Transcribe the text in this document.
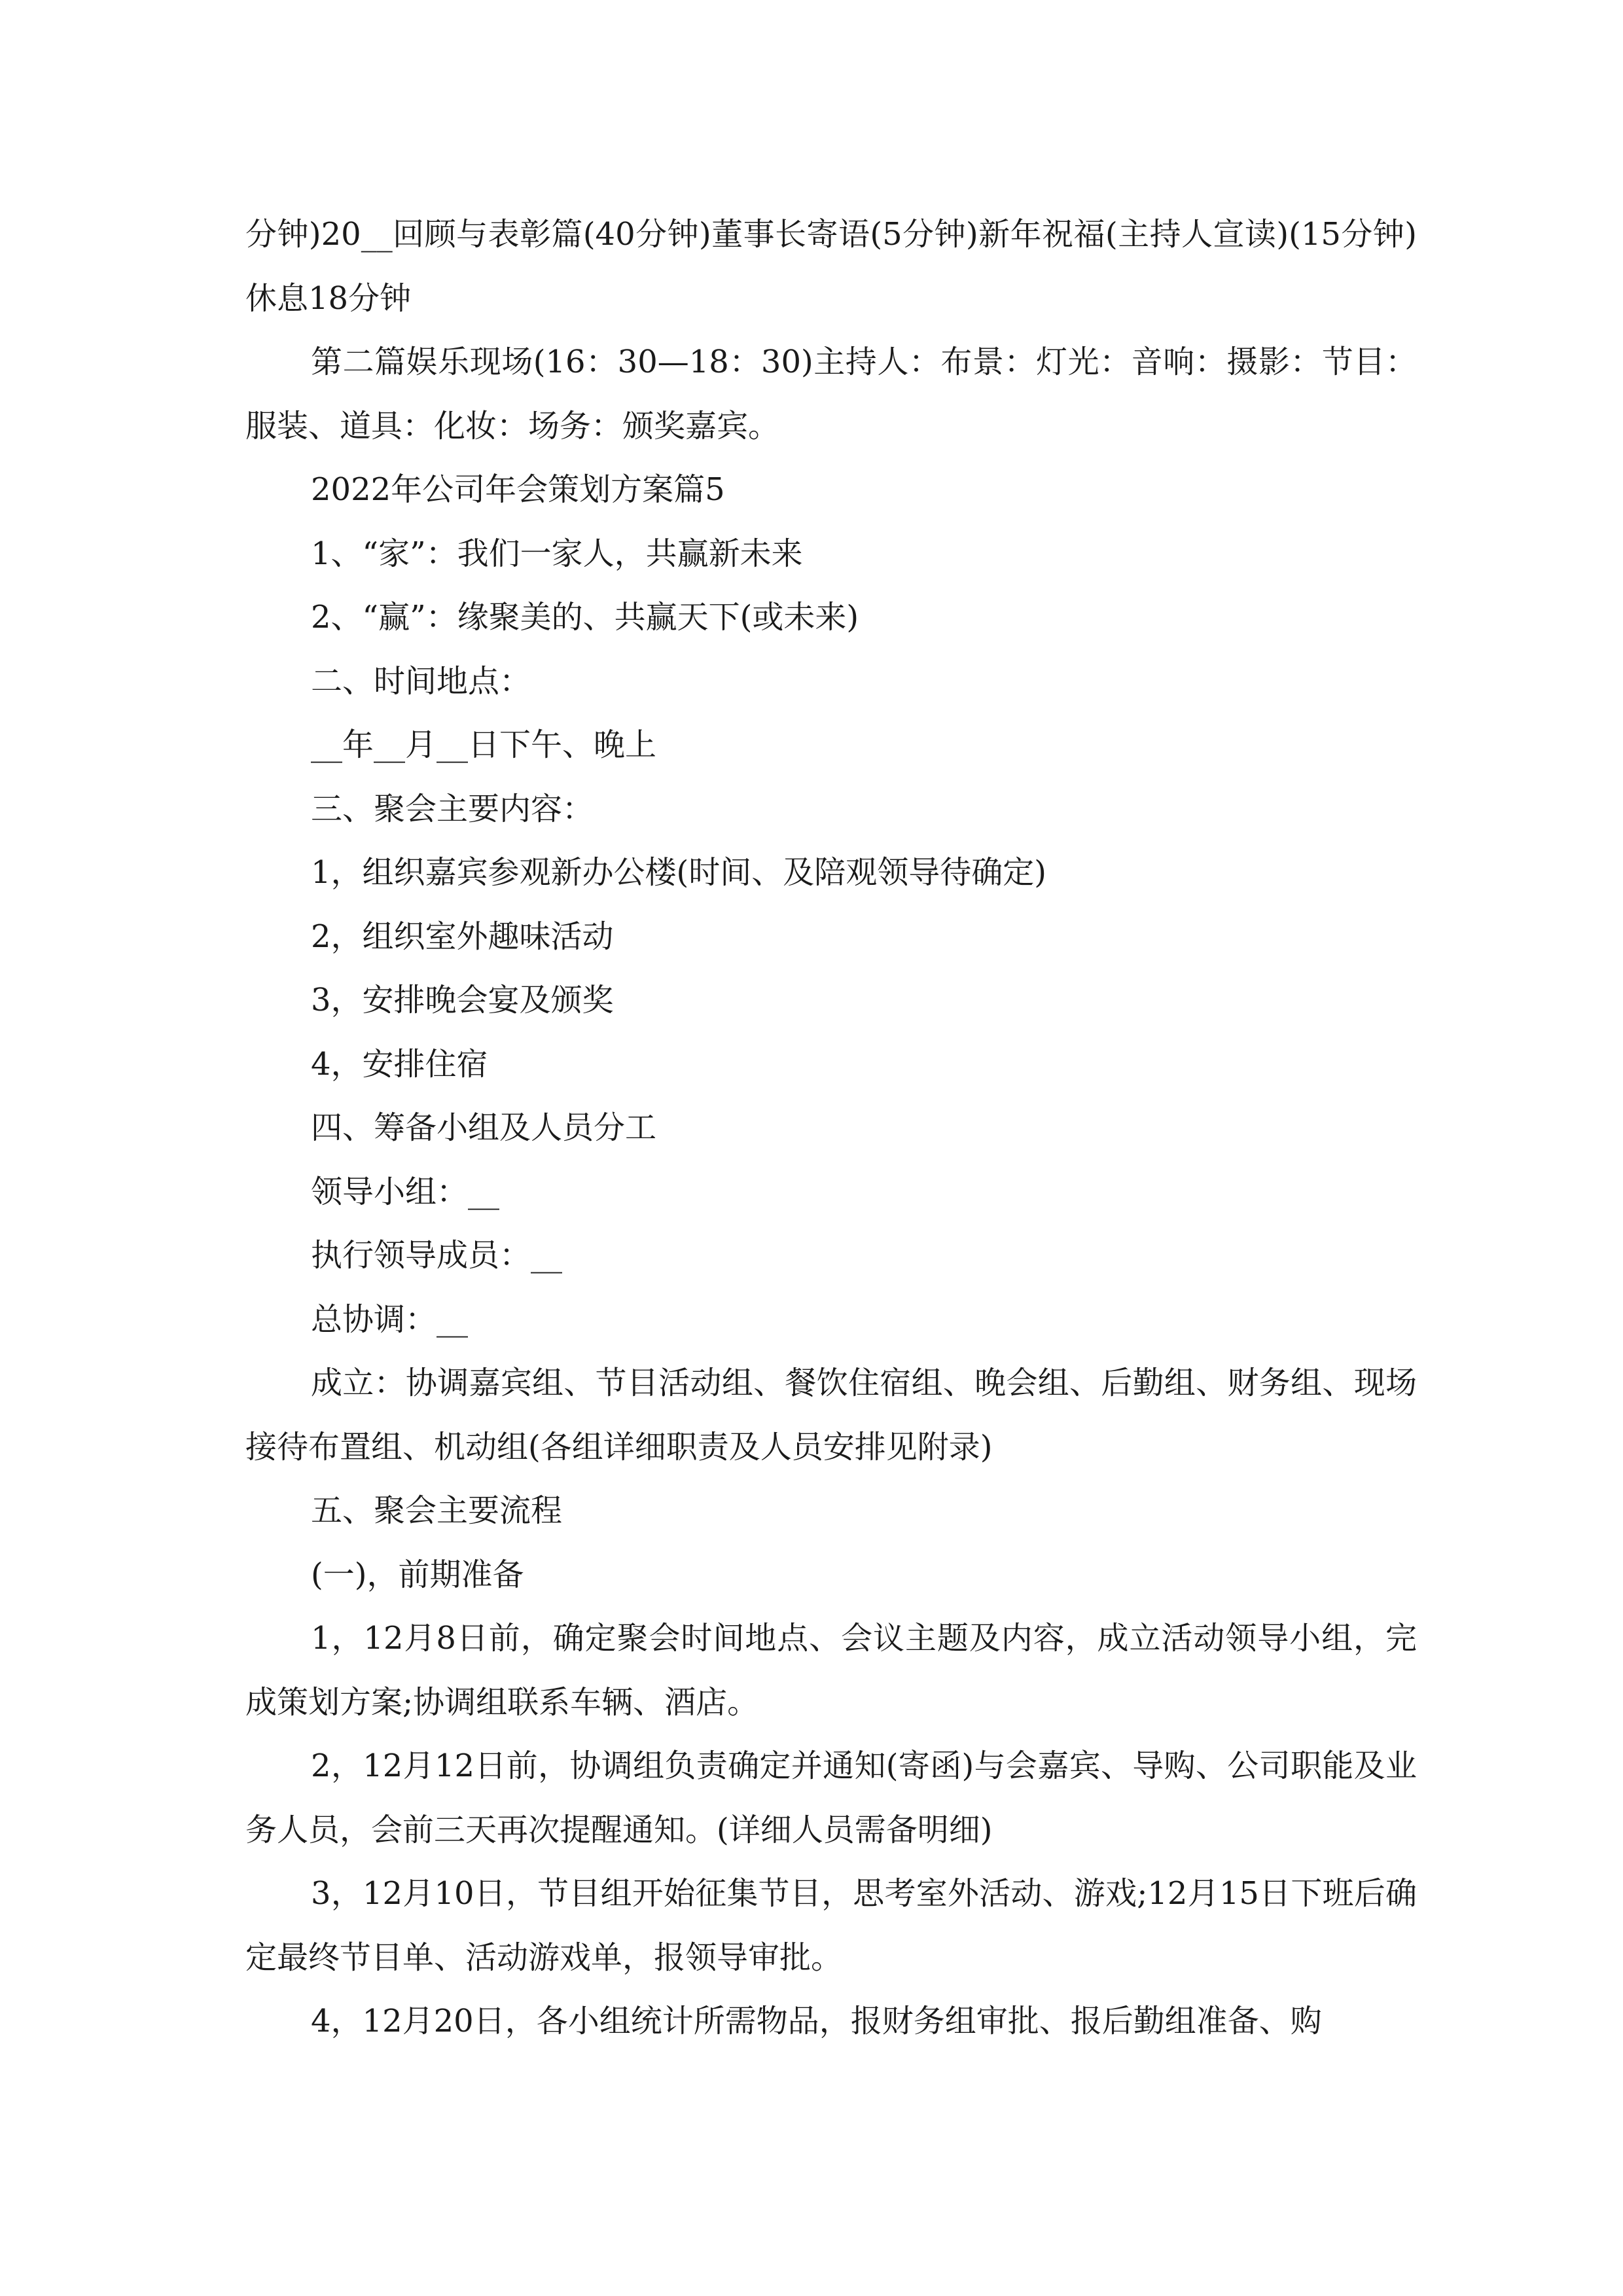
分钟)20__回顾与表彰篇(40分钟)董事长寄语(5分钟)新年祝福(主持人宣读)(15分钟)休息18分钟

第二篇娱乐现场(16：30—18：30)主持人：布景：灯光：音响：摄影：节目：服装、道具：化妆：场务：颁奖嘉宾。

2022年公司年会策划方案篇5

1、“家”：我们一家人，共赢新未来

2、“赢”：缘聚美的、共赢天下(或未来)

二、时间地点：

__年__月__日下午、晚上

三、聚会主要内容：

1，组织嘉宾参观新办公楼(时间、及陪观领导待确定)

2，组织室外趣味活动

3，安排晚会宴及颁奖

4，安排住宿

四、筹备小组及人员分工

领导小组：__

执行领导成员：__

总协调：__

成立：协调嘉宾组、节目活动组、餐饮住宿组、晚会组、后勤组、财务组、现场接待布置组、机动组(各组详细职责及人员安排见附录)

五、聚会主要流程

(一)，前期准备

1，12月8日前，确定聚会时间地点、会议主题及内容，成立活动领导小组，完成策划方案;协调组联系车辆、酒店。

2，12月12日前，协调组负责确定并通知(寄函)与会嘉宾、导购、公司职能及业务人员，会前三天再次提醒通知。(详细人员需备明细)

3，12月10日，节目组开始征集节目，思考室外活动、游戏;12月15日下班后确定最终节目单、活动游戏单，报领导审批。

4，12月20日，各小组统计所需物品，报财务组审批、报后勤组准备、购
